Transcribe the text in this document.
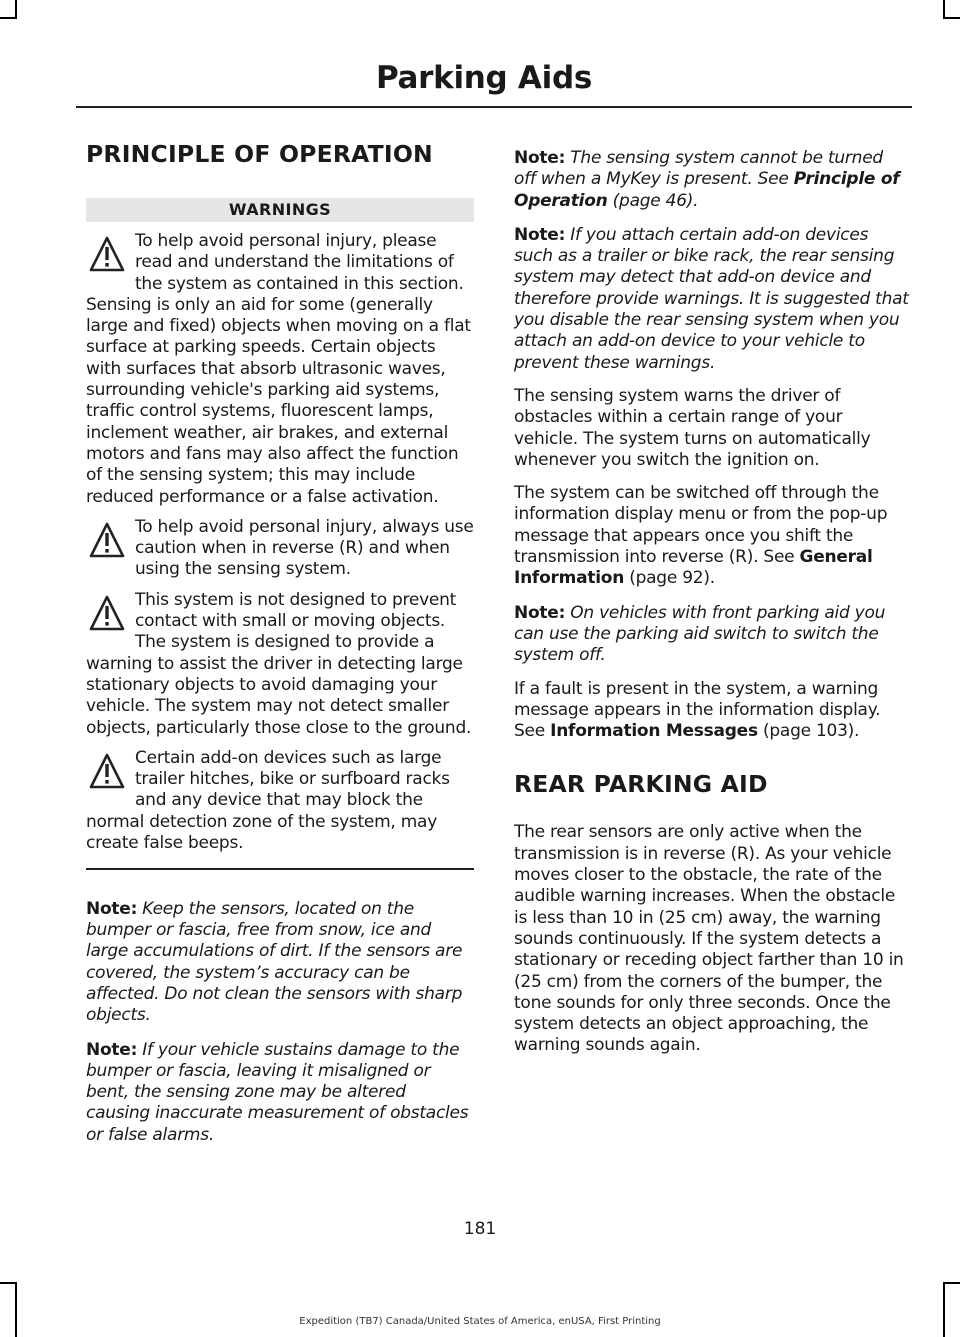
Parking Aids
PRINCIPLE OF OPERATION
WARNINGS

To help avoid personal injury, please read and understand the limitations of the system as contained in this section. Sensing is only an aid for some (generally large and fixed) objects when moving on a flat surface at parking speeds. Certain objects with surfaces that absorb ultrasonic waves, surrounding vehicle's parking aid systems, traffic control systems, fluorescent lamps, inclement weather, air brakes, and external motors and fans may also affect the function of the sensing system; this may include reduced performance or a false activation.

To help avoid personal injury, always use caution when in reverse (R) and when using the sensing system.

This system is not designed to prevent contact with small or moving objects. The system is designed to provide a warning to assist the driver in detecting large stationary objects to avoid damaging your vehicle. The system may not detect smaller objects, particularly those close to the ground.

Certain add-on devices such as large trailer hitches, bike or surfboard racks and any device that may block the normal detection zone of the system, may create false beeps.

Note: Keep the sensors, located on the bumper or fascia, free from snow, ice and large accumulations of dirt. If the sensors are covered, the system’s accuracy can be affected. Do not clean the sensors with sharp objects.

Note: If your vehicle sustains damage to the bumper or fascia, leaving it misaligned or bent, the sensing zone may be altered causing inaccurate measurement of obstacles or false alarms.

Note: The sensing system cannot be turned off when a MyKey is present. See Principle of Operation (page 46).

Note: If you attach certain add-on devices such as a trailer or bike rack, the rear sensing system may detect that add-on device and therefore provide warnings. It is suggested that you disable the rear sensing system when you attach an add-on device to your vehicle to prevent these warnings.

The sensing system warns the driver of obstacles within a certain range of your vehicle. The system turns on automatically whenever you switch the ignition on.

The system can be switched off through the information display menu or from the pop-up message that appears once you shift the transmission into reverse (R). See General Information (page 92).

Note: On vehicles with front parking aid you can use the parking aid switch to switch the system off.

If a fault is present in the system, a warning message appears in the information display. See Information Messages (page 103).

REAR PARKING AID

The rear sensors are only active when the transmission is in reverse (R). As your vehicle moves closer to the obstacle, the rate of the audible warning increases. When the obstacle is less than 10 in (25 cm) away, the warning sounds continuously. If the system detects a stationary or receding object farther than 10 in (25 cm) from the corners of the bumper, the tone sounds for only three seconds. Once the system detects an object approaching, the warning sounds again.

181
Expedition (TB7) Canada/United States of America, enUSA, First Printing
